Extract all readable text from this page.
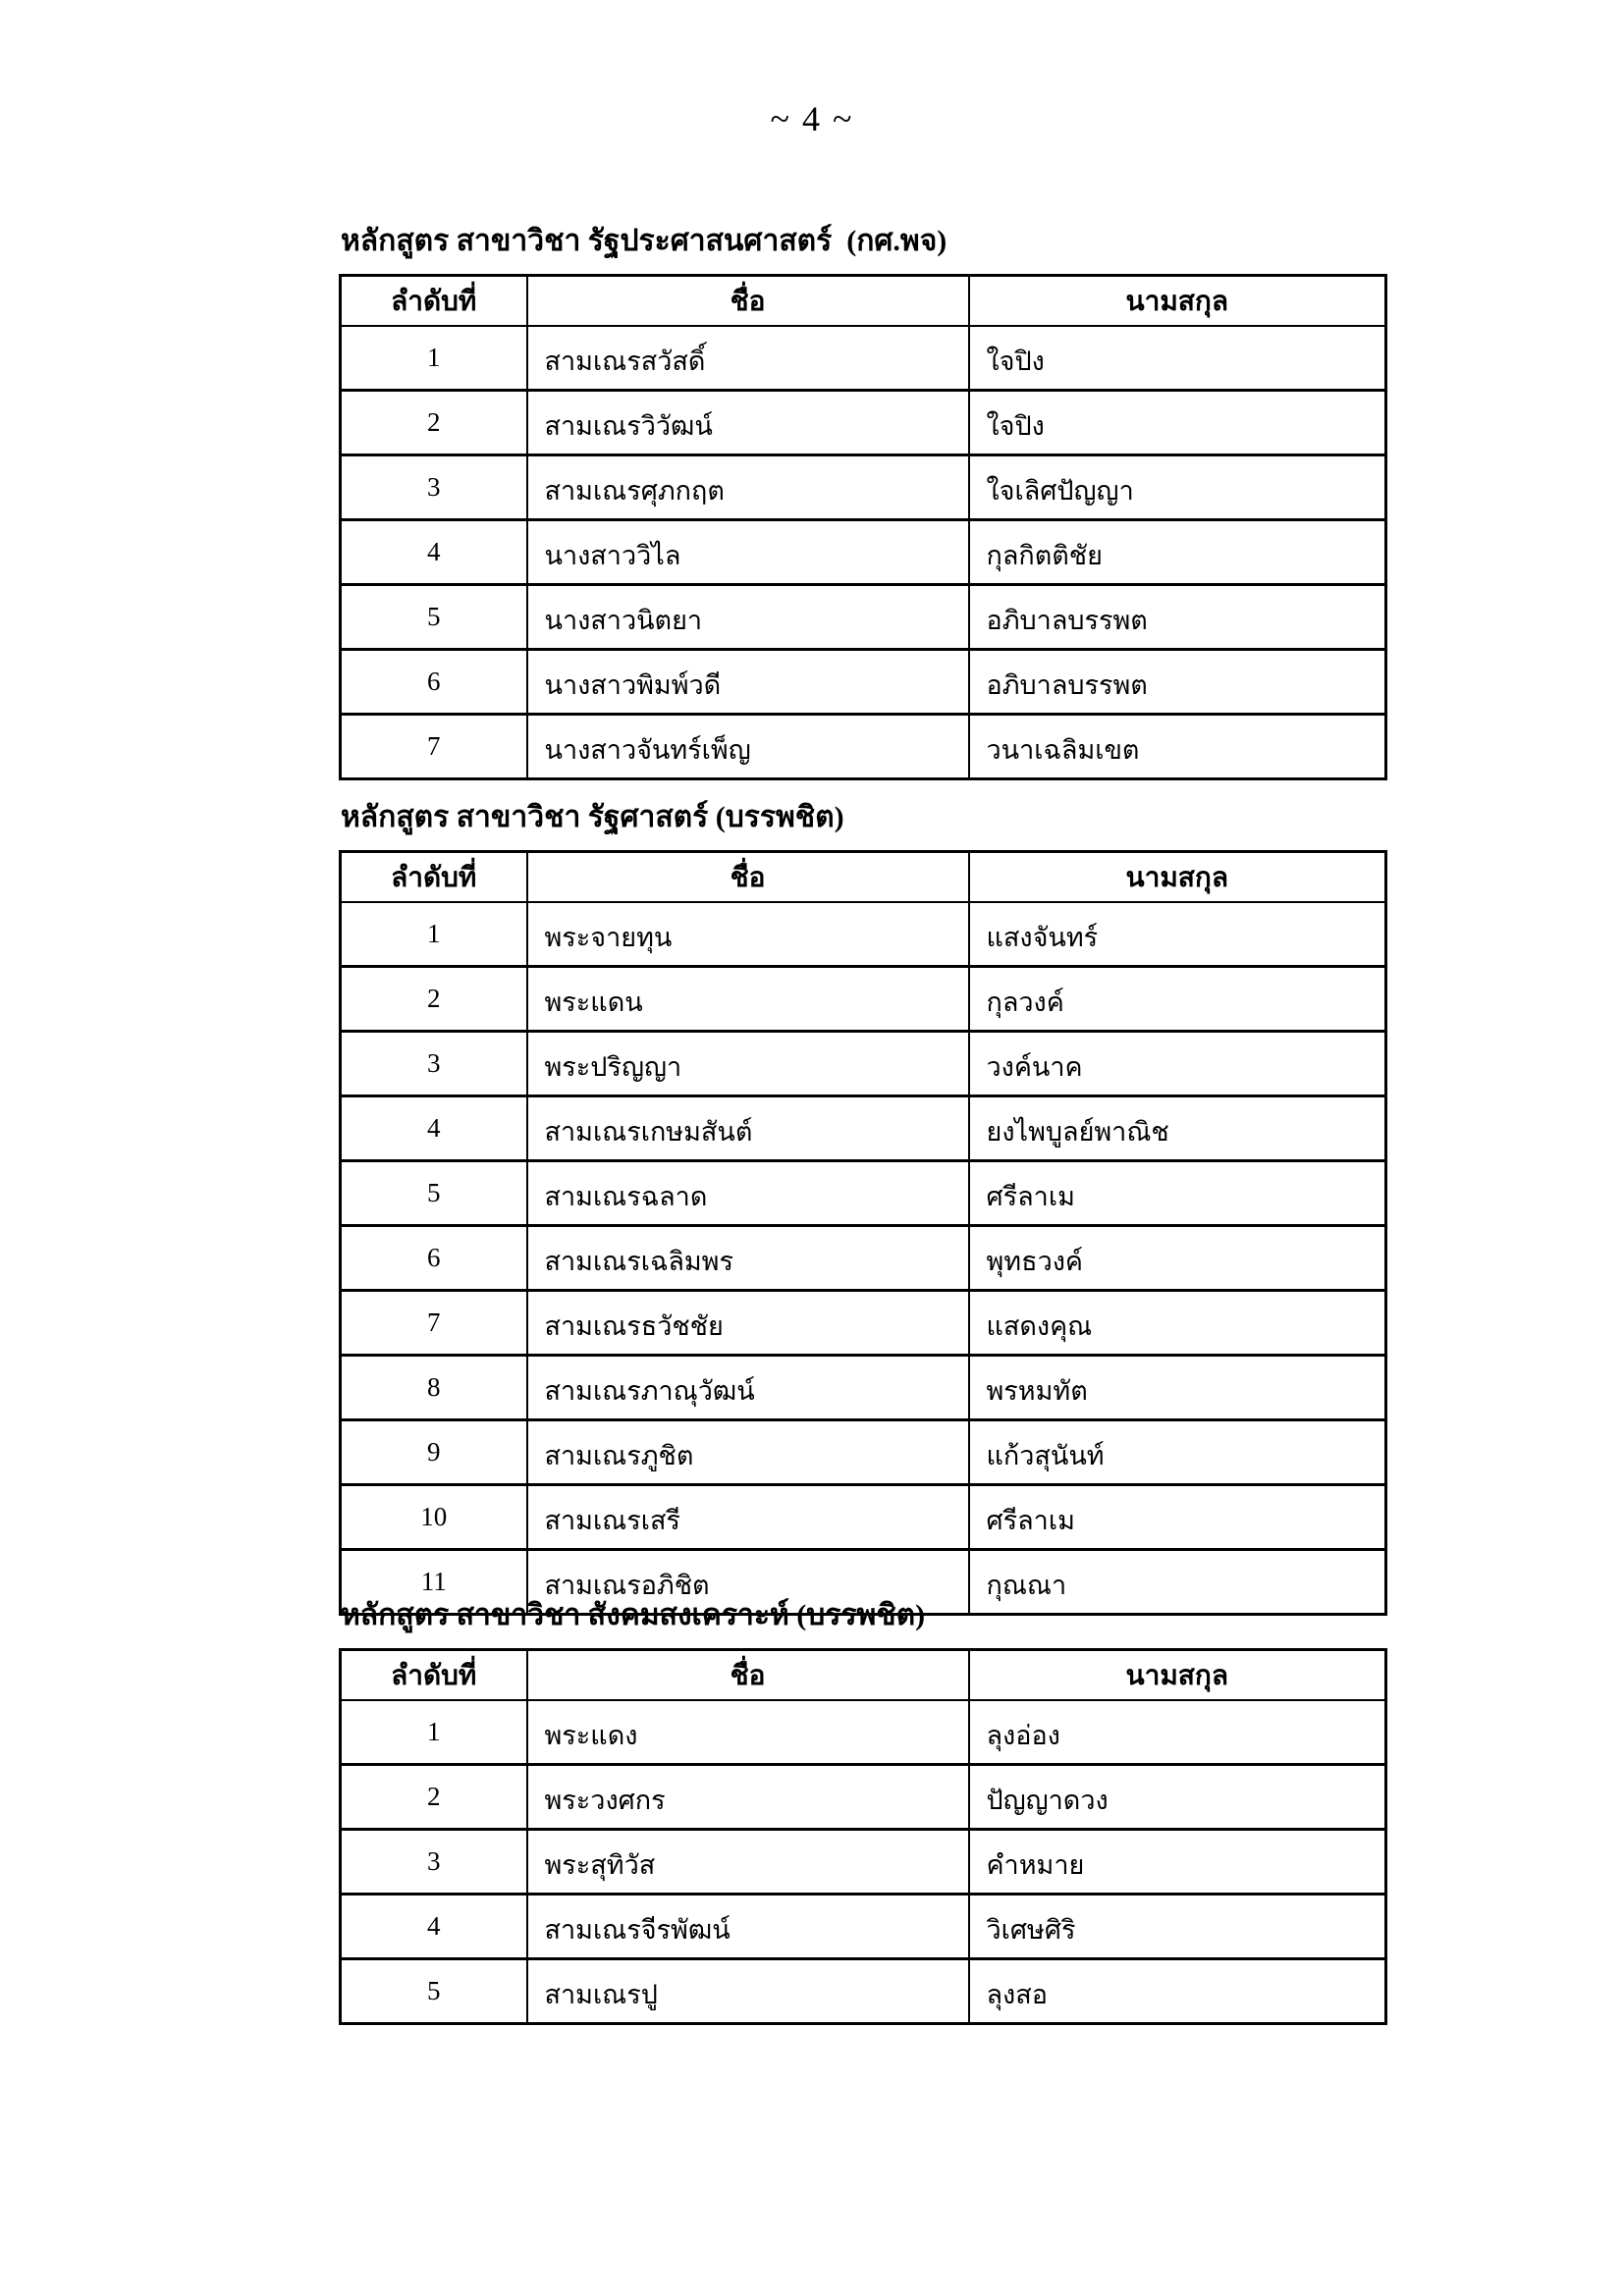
~ 4 ~
หลักสูตร สาขาวิชา รัฐประศาสนศาสตร์  (กศ.พจ)
ลำดับที่	ชื่อ	นามสกุล
1	สามเณรสวัสดิ์	ใจปิง
2	สามเณรวิวัฒน์	ใจปิง
3	สามเณรศุภกฤต	ใจเลิศปัญญา
4	นางสาววิไล	กุลกิตติชัย
5	นางสาวนิตยา	อภิบาลบรรพต
6	นางสาวพิมพ์วดี	อภิบาลบรรพต
7	นางสาวจันทร์เพ็ญ	วนาเฉลิมเขต
หลักสูตร สาขาวิชา รัฐศาสตร์ (บรรพชิต)
ลำดับที่	ชื่อ	นามสกุล
1	พระจายทุน	แสงจันทร์
2	พระแดน	กุลวงค์
3	พระปริญญา	วงค์นาค
4	สามเณรเกษมสันต์	ยงไพบูลย์พาณิช
5	สามเณรฉลาด	ศรีลาเม
6	สามเณรเฉลิมพร	พุทธวงค์
7	สามเณรธวัชชัย	แสดงคุณ
8	สามเณรภาณุวัฒน์	พรหมทัต
9	สามเณรภูชิต	แก้วสุนันท์
10	สามเณรเสรี	ศรีลาเม
11	สามเณรอภิชิต	กุณณา
หลักสูตร สาขาวิชา สังคมสงเคราะห์ (บรรพชิต)
ลำดับที่	ชื่อ	นามสกุล
1	พระแดง	ลุงอ่อง
2	พระวงศกร	ปัญญาดวง
3	พระสุทิวัส	คำหมาย
4	สามเณรจีรพัฒน์	วิเศษศิริ
5	สามเณรปู	ลุงสอ
